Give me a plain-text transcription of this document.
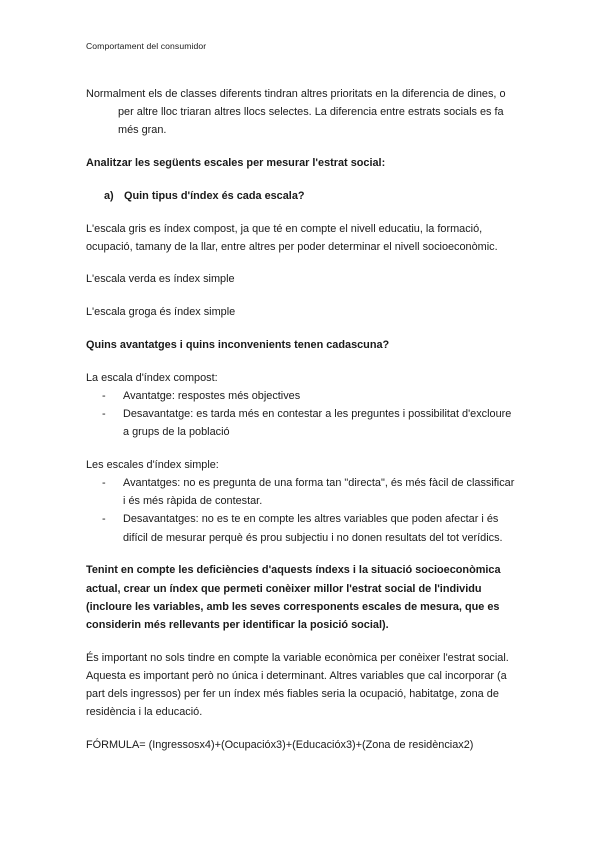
Comportament del consumidor

Normalment els de classes diferents tindran altres prioritats en la diferencia de dines, o per altre lloc triaran altres llocs selectes. La diferencia entre estrats socials es fa més gran.

Analitzar les següents escales per mesurar l'estrat social:

a) Quin tipus d'índex és cada escala?

L'escala gris es índex compost, ja que té en compte el nivell educatiu, la formació, ocupació, tamany de la llar, entre altres per poder determinar el nivell socioeconòmic.

L'escala verda es índex simple

L'escala groga és índex simple

Quins avantatges i quins inconvenients tenen cadascuna?

La escala d'índex compost:

- Avantatge: respostes més objectives
- Desavantatge: es tarda més en contestar a les preguntes i possibilitat d'excloure a grups de la població

Les escales d'índex simple:

- Avantatges: no es pregunta de una forma tan "directa", és més fàcil de classificar i és més ràpida de contestar.
- Desavantatges: no es te en compte les altres variables que poden afectar i és difícil de mesurar perquè és prou subjectiu i no donen resultats del tot verídics.

Tenint en compte les deficiències d'aquests índexs i la situació socioeconòmica actual, crear un índex que permeti conèixer millor l'estrat social de l'individu (incloure les variables, amb les seves corresponents escales de mesura, que es considerin més rellevants per identificar la posició social).

És important no sols tindre en compte la variable econòmica per conèixer l'estrat social. Aquesta es important però no única i determinant. Altres variables que cal incorporar (a part dels ingressos) per fer un índex més fiables seria la ocupació, habitatge, zona de residència i la educació.

FÓRMULA= (Ingressosx4)+(Ocupacióx3)+(Educacióx3)+(Zona de residènciax2)
